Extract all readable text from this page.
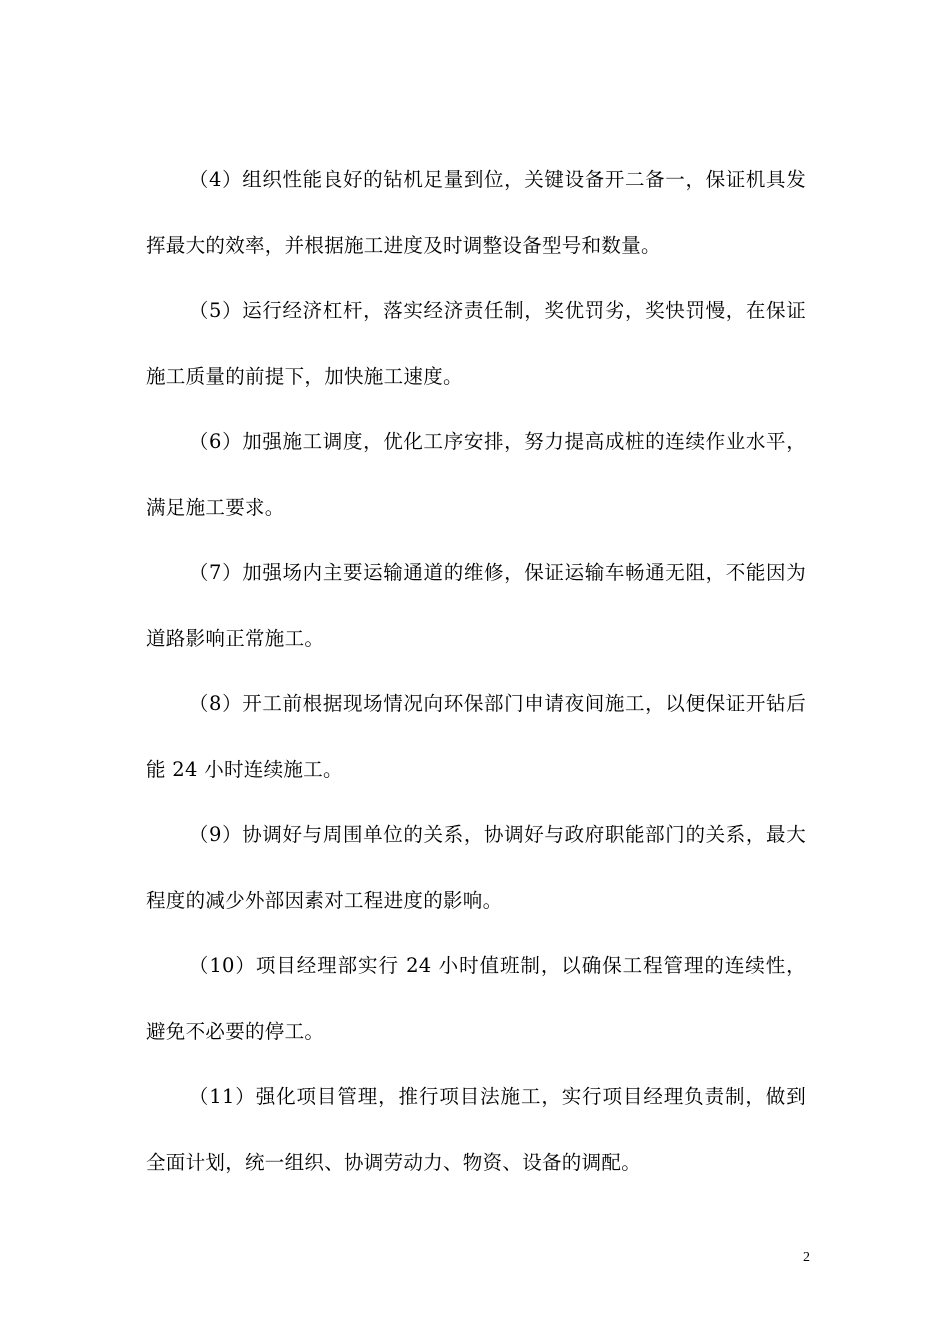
（4）组织性能良好的钻机足量到位，关键设备开二备一，保证机具发挥最大的效率，并根据施工进度及时调整设备型号和数量。

（5）运行经济杠杆，落实经济责任制，奖优罚劣，奖快罚慢，在保证施工质量的前提下，加快施工速度。

（6）加强施工调度，优化工序安排，努力提高成桩的连续作业水平，满足施工要求。

（7）加强场内主要运输通道的维修，保证运输车畅通无阻，不能因为道路影响正常施工。

（8）开工前根据现场情况向环保部门申请夜间施工，以便保证开钻后能 24 小时连续施工。

（9）协调好与周围单位的关系，协调好与政府职能部门的关系，最大程度的减少外部因素对工程进度的影响。

（10）项目经理部实行 24 小时值班制，以确保工程管理的连续性，避免不必要的停工。

（11）强化项目管理，推行项目法施工，实行项目经理负责制，做到全面计划，统一组织、协调劳动力、物资、设备的调配。

2
